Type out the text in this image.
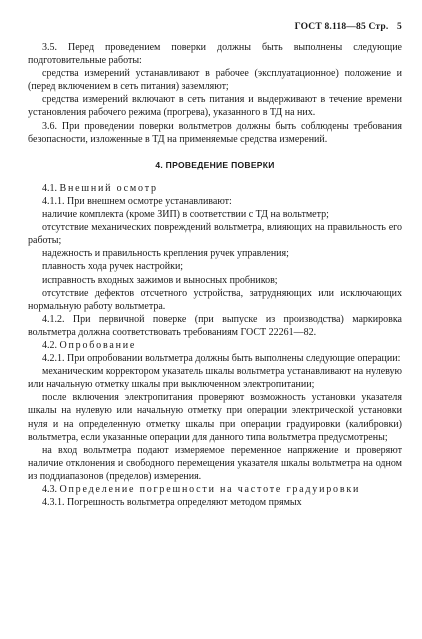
ГОСТ 8.118—85 Стр. 5

3.5. Перед проведением поверки должны быть выполнены следующие подготовительные работы:

средства измерений устанавливают в рабочее (эксплуатационное) положение и (перед включением в сеть питания) заземляют;

средства измерений включают в сеть питания и выдерживают в течение времени установления рабочего режима (прогрева), указанного в ТД на них.

3.6. При проведении поверки вольтметров должны быть соблюдены требования безопасности, изложенные в ТД на применяемые средства измерений.

4. ПРОВЕДЕНИЕ ПОВЕРКИ

4.1. Внешний осмотр

4.1.1. При внешнем осмотре устанавливают:

наличие комплекта (кроме ЗИП) в соответствии с ТД на вольтметр;

отсутствие механических повреждений вольтметра, влияющих на правильность его работы;

надежность и правильность крепления ручек управления;

плавность хода ручек настройки;

исправность входных зажимов и выносных пробников;

отсутствие дефектов отсчетного устройства, затрудняющих или исключающих нормальную работу вольтметра.

4.1.2. При первичной поверке (при выпуске из производства) маркировка вольтметра должна соответствовать требованиям ГОСТ 22261—82.

4.2. Опробование

4.2.1. При опробовании вольтметра должны быть выполнены следующие операции:

механическим корректором указатель шкалы вольтметра устанавливают на нулевую или начальную отметку шкалы при выключенном электропитании;

после включения электропитания проверяют возможность установки указателя шкалы на нулевую или начальную отметку при операции электрической установки нуля и на определенную отметку шкалы при операции градуировки (калибровки) вольтметра, если указанные операции для данного типа вольтметра предусмотрены;

на вход вольтметра подают измеряемое переменное напряжение и проверяют наличие отклонения и свободного перемещения указателя шкалы вольтметра на одном из поддиапазонов (пределов) измерения.

4.3. Определение погрешности на частоте градуировки

4.3.1. Погрешность вольтметра определяют методом прямых
